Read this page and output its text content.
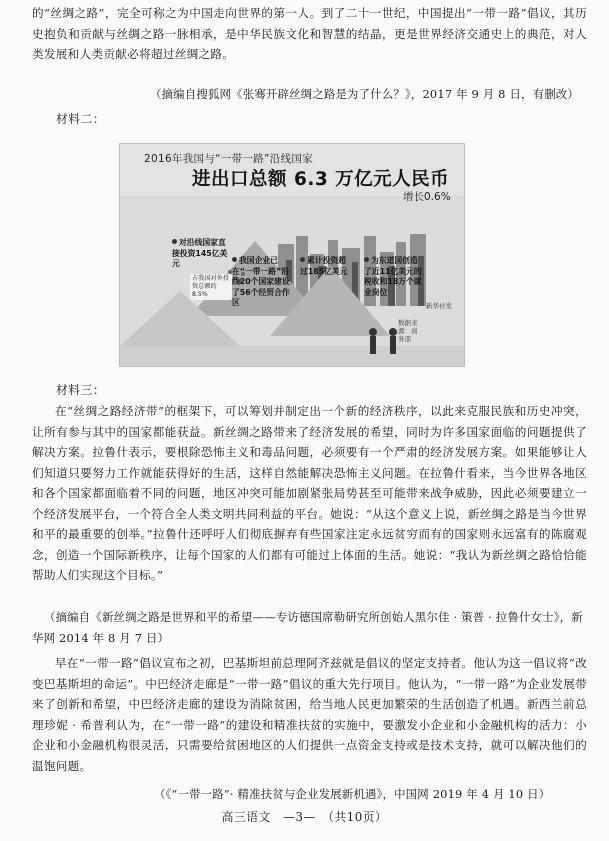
的“丝绸之路”，完全可称之为中国走向世界的第一人。到了二十一世纪，中国提出“一带一路”倡议，其历史抱负和贡献与丝绸之路一脉相承，是中华民族文化和智慧的结晶，更是世界经济交通史上的典范，对人类发展和人类贡献必将超过丝绸之路。

（摘编自搜狐网《张骞开辟丝绸之路是为了什么？》，2017 年 9 月 8 日，有删改）
材料二：
2016年我国与“一带一路”沿线国家
进出口总额 6.3 万亿元人民币
增长0.6%
对沿线国家直接投资145亿美元
占我国对外投资总额的8.5%
我国企业已在“一带一路”沿线20个国家建设了56个经贸合作区
累计投资超过185亿美元
为东道国创造了近11亿美元的税收和18万个就业岗位
数据来源：商务部
新华社发
材料三：

在“丝绸之路经济带”的框架下，可以筹划并制定出一个新的经济秩序，以此来克服民族和历史冲突，让所有参与其中的国家都能获益。新丝绸之路带来了经济发展的希望，同时为许多国家面临的问题提供了解决方案。拉鲁什表示，要根除恐怖主义和毒品问题，必须要有一个严肃的经济发展方案。如果能够让人们知道只要努力工作就能获得好的生活，这样自然能解决恐怖主义问题。在拉鲁什看来，当今世界各地区和各个国家都面临着不同的问题，地区冲突可能加剧紧张局势甚至可能带来战争威胁，因此必须要建立一个经济发展平台，一个符合全人类文明共同利益的平台。她说：“从这个意义上说，新丝绸之路是当今世界和平的最重要的创举。”拉鲁什还呼吁人们彻底摒弃有些国家注定永远贫穷而有的国家则永远富有的陈腐观念，创造一个国际新秩序，让每个国家的人们都有可能过上体面的生活。她说：“我认为新丝绸之路恰恰能帮助人们实现这个目标。”

（摘编自《新丝绸之路是世界和平的希望——专访德国席勒研究所创始人黑尔佳 · 策普 · 拉鲁什女士》，新华网 2014 年 8 月 7 日）

早在“一带一路”倡议宣布之初，巴基斯坦前总理阿齐兹就是倡议的坚定支持者。他认为这一倡议将“改变巴基斯坦的命运”。中巴经济走廊是“一带一路”倡议的重大先行项目。他认为，“一带一路”为企业发展带来了创新和希望，中巴经济走廊的建设为消除贫困，给当地人民更加繁荣的生活创造了机遇。新西兰前总理珍妮 · 希普利认为，在“一带一路”的建设和精准扶贫的实施中，要激发小企业和小金融机构的活力：小企业和小金融机构很灵活，只需要给贫困地区的人们提供一点资金支持或是技术支持，就可以解决他们的温饱问题。

（《“一带一路”· 精准扶贫与企业发展新机遇》，中国网 2019 年 4 月 10 日）
高三语文　—3—　（共10页）
